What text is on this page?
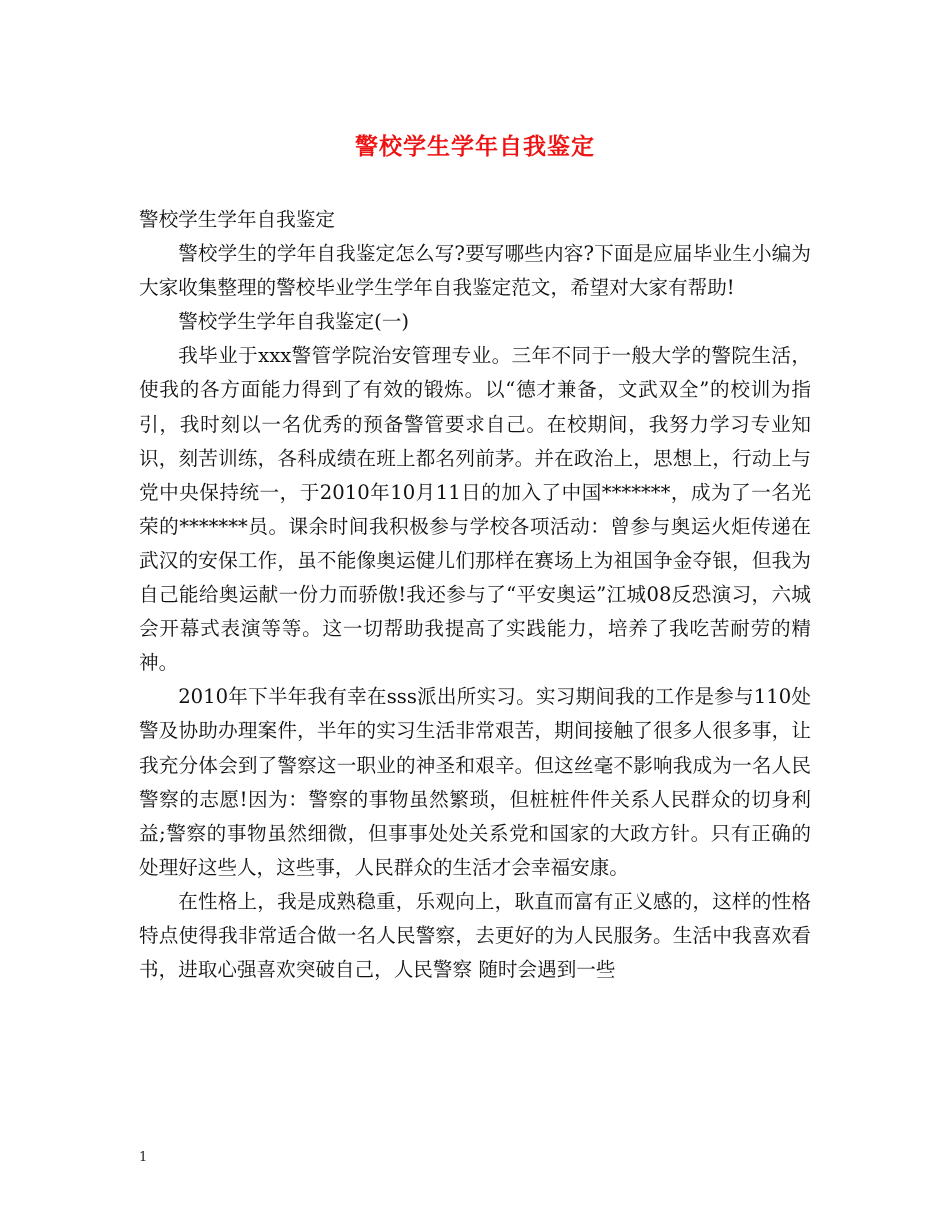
警校学生学年自我鉴定

警校学生学年自我鉴定

警校学生的学年自我鉴定怎么写?要写哪些内容?下面是应届毕业生小编为大家收集整理的警校毕业学生学年自我鉴定范文，希望对大家有帮助!

警校学生学年自我鉴定(一)

我毕业于xxx警管学院治安管理专业。三年不同于一般大学的警院生活，使我的各方面能力得到了有效的锻炼。以“德才兼备，文武双全”的校训为指引，我时刻以一名优秀的预备警管要求自己。在校期间，我努力学习专业知识，刻苦训练，各科成绩在班上都名列前茅。并在政治上，思想上，行动上与党中央保持统一，于2010年10月11日的加入了中国*******，成为了一名光荣的*******员。课余时间我积极参与学校各项活动：曾参与奥运火炬传递在武汉的安保工作，虽不能像奥运健儿们那样在赛场上为祖国争金夺银，但我为自己能给奥运献一份力而骄傲!我还参与了“平安奥运”江城08反恐演习，六城会开幕式表演等等。这一切帮助我提高了实践能力，培养了我吃苦耐劳的精神。

2010年下半年我有幸在sss派出所实习。实习期间我的工作是参与110处警及协助办理案件，半年的实习生活非常艰苦，期间接触了很多人很多事，让我充分体会到了警察这一职业的神圣和艰辛。但这丝毫不影响我成为一名人民警察的志愿!因为：警察的事物虽然繁琐，但桩桩件件关系人民群众的切身利益;警察的事物虽然细微，但事事处处关系党和国家的大政方针。只有正确的处理好这些人，这些事，人民群众的生活才会幸福安康。

在性格上，我是成熟稳重，乐观向上，耿直而富有正义感的，这样的性格特点使得我非常适合做一名人民警察，去更好的为人民服务。生活中我喜欢看书，进取心强喜欢突破自己，人民警察 随时会遇到一些

1
